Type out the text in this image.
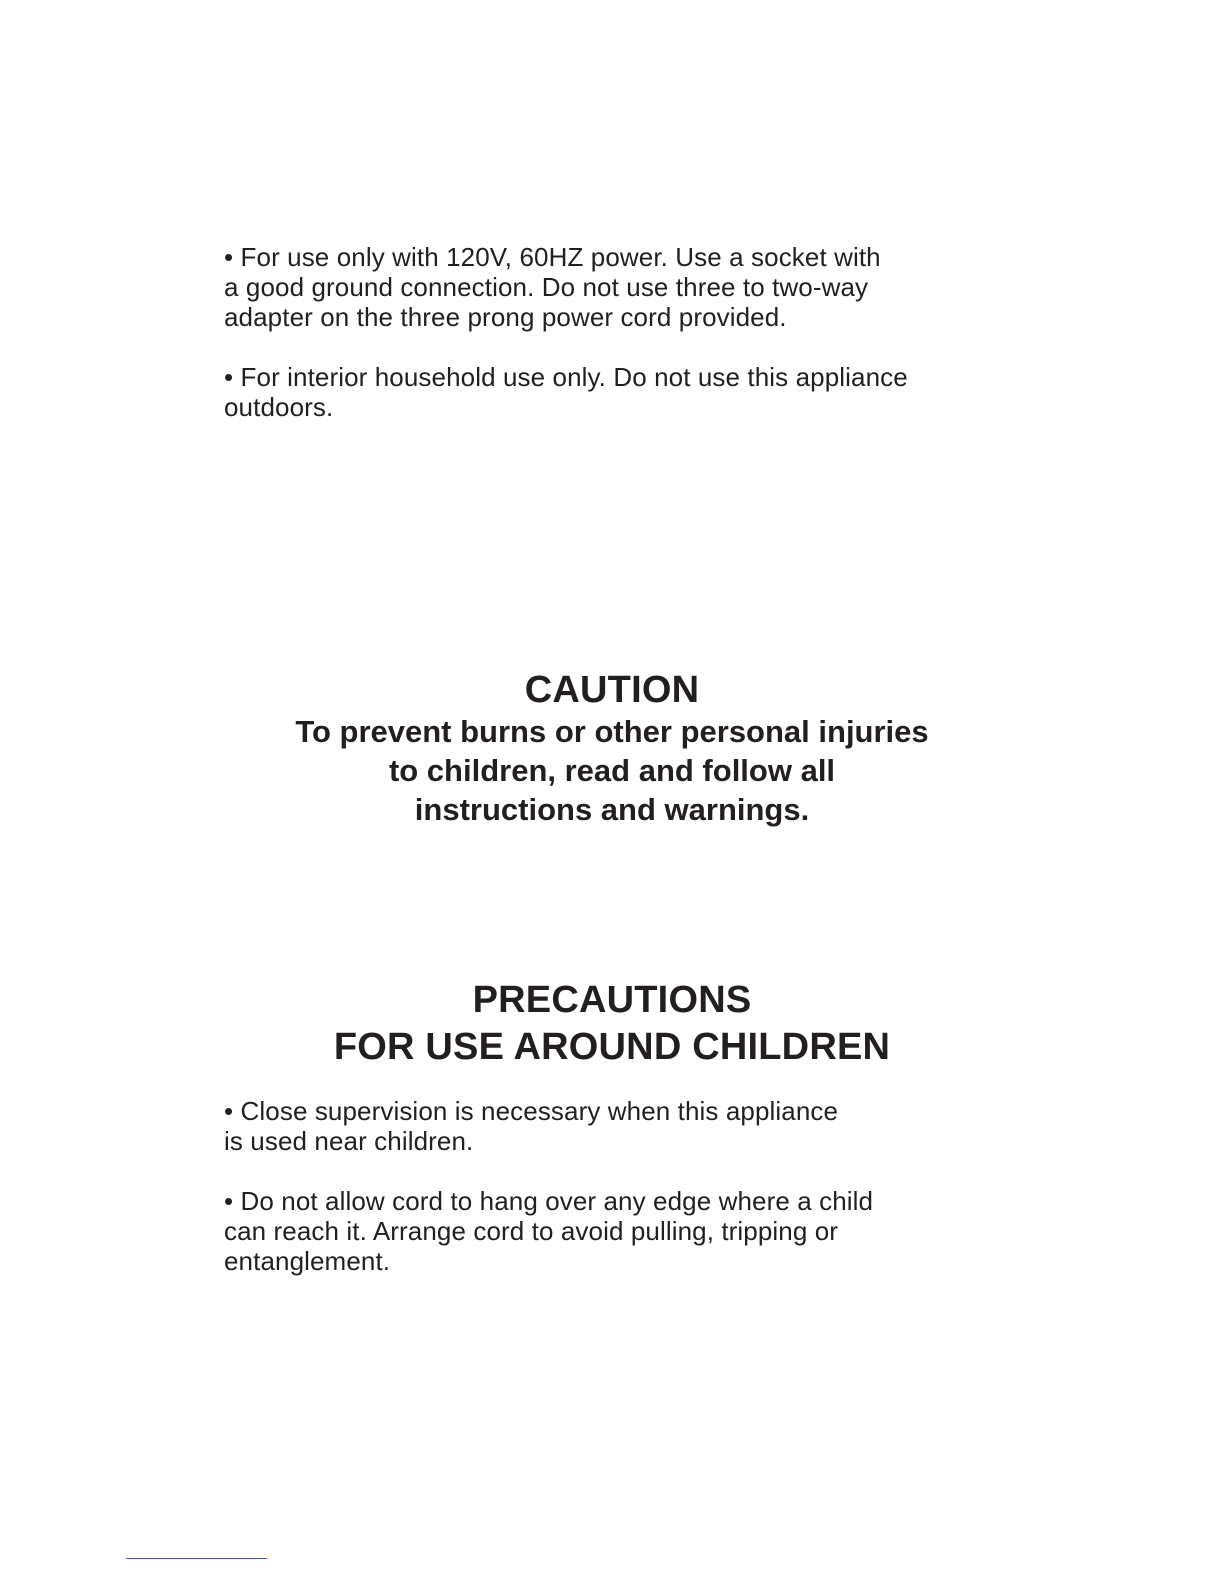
• For use only with 120V, 60HZ power. Use a socket with
a good ground connection. Do not use three to two-way
adapter on the three prong power cord provided.

• For interior household use only. Do not use this appliance
outdoors.

CAUTION

To prevent burns or other personal injuries
to children, read and follow all
instructions and warnings.

PRECAUTIONS
FOR USE AROUND CHILDREN

• Close supervision is necessary when this appliance
is used near children.

• Do not allow cord to hang over any edge where a child
can reach it. Arrange cord to avoid pulling, tripping or
entanglement.
